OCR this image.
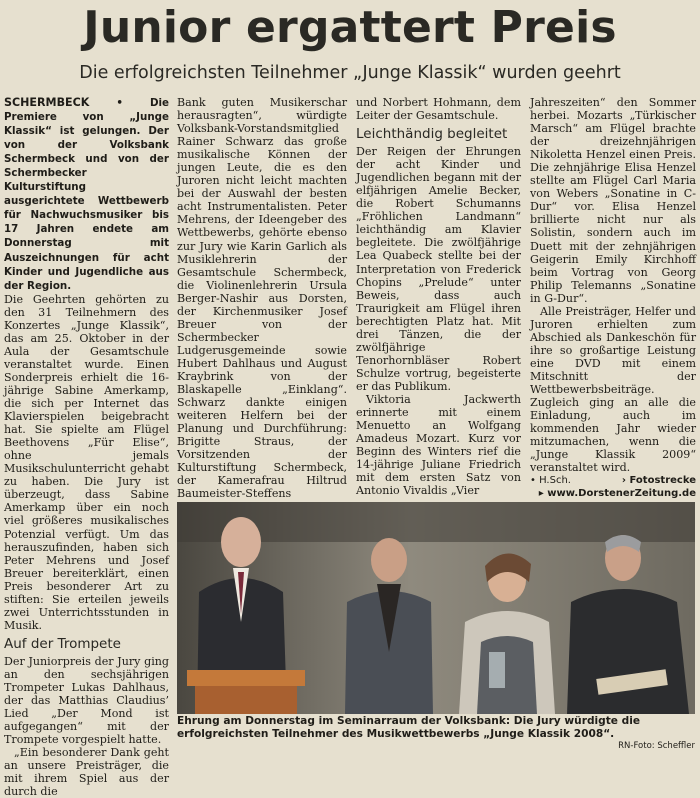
Junior ergattert Preis
Die erfolgreichsten Teilnehmer „Junge Klassik“ wurden geehrt

SCHERMBECK • Die Premiere von „Junge Klassik“ ist gelungen. Der von der Volksbank Schermbeck und von der Schermbecker Kulturstiftung ausgerichtete Wettbewerb für Nachwuchsmusiker bis 17 Jahren endete am Donnerstag mit Auszeichnungen für acht Kinder und Jugendliche aus der Region.

Die Geehrten gehörten zu den 31 Teilnehmern des Konzertes „Junge Klassik“, das am 25. Oktober in der Aula der Gesamtschule veranstaltet wurde. Einen Sonderpreis erhielt die 16-jährige Sabine Amerkamp, die sich per Internet das Klavierspielen beigebracht hat. Sie spielte am Flügel Beethovens „Für Elise“, ohne jemals Musikschulunterricht gehabt zu haben. Die Jury ist überzeugt, dass Sabine Amerkamp über ein noch viel größeres musikalisches Potenzial verfügt. Um das herauszufinden, haben sich Peter Mehrens und Josef Breuer bereiterklärt, einen Preis besonderer Art zu stiften: Sie erteilen jeweils zwei Unterrichtsstunden in Musik.

Auf der Trompete

Der Juniorpreis der Jury ging an den sechsjährigen Trompeter Lukas Dahlhaus, der das Matthias Claudius’ Lied „Der Mond ist aufgegangen“ mit der Trompete vorgespielt hatte.

„Ein besonderer Dank geht an unsere Preisträger, die mit ihrem Spiel aus der durch die

Bank guten Musikerschar herausragten“, würdigte Volksbank-Vorstandsmitglied Rainer Schwarz das große musikalische Können der jungen Leute, die es den Juroren nicht leicht machten bei der Auswahl der besten acht Instrumentalisten. Peter Mehrens, der Ideengeber des Wettbewerbs, gehörte ebenso zur Jury wie Karin Garlich als Musiklehrerin der Gesamtschule Schermbeck, die Violinenlehrerin Ursula Berger-Nashir aus Dorsten, der Kirchenmusiker Josef Breuer von der Schermbecker Ludgerusgemeinde sowie Hubert Dahlhaus und August Kraybrink von der Blaskapelle „Einklang“. Schwarz dankte einigen weiteren Helfern bei der Planung und Durchführung: Brigitte Straus, der Vorsitzenden der Kulturstiftung Schermbeck, der Kamerafrau Hiltrud Baumeister-Steffens

und Norbert Hohmann, dem Leiter der Gesamtschule.

Leichthändig begleitet

Der Reigen der Ehrungen der acht Kinder und Jugendlichen begann mit der elfjährigen Amelie Becker, die Robert Schumanns „Fröhlichen Landmann“ leichthändig am Klavier begleitete. Die zwölfjährige Lea Quabeck stellte bei der Interpretation von Frederick Chopins „Prelude“ unter Beweis, dass auch Traurigkeit am Flügel ihren berechtigten Platz hat. Mit drei Tänzen, die der zwölfjährige Tenorhornbläser Robert Schulze vortrug, begeisterte er das Publikum.

Viktoria Jackwerth erinnerte mit einem Menuetto an Wolfgang Amadeus Mozart. Kurz vor Beginn des Winters rief die 14-jährige Juliane Friedrich mit dem ersten Satz von Antonio Vivaldis „Vier

Jahreszeiten“ den Sommer herbei. Mozarts „Türkischer Marsch“ am Flügel brachte der dreizehnjährigen Nikoletta Henzel einen Preis. Die zehnjährige Elisa Henzel stellte am Flügel Carl Maria von Webers „Sonatine in C-Dur“ vor. Elisa Henzel brillierte nicht nur als Solistin, sondern auch im Duett mit der zehnjährigen Geigerin Emily Kirchhoff beim Vortrag von Georg Philip Telemanns „Sonatine in G-Dur“.

Alle Preisträger, Helfer und Juroren erhielten zum Abschied als Dankeschön für ihre so großartige Leistung eine DVD mit einem Mitschnitt der Wettbewerbsbeiträge. Zugleich ging an alle die Einladung, auch im kommenden Jahr wieder mitzumachen, wenn die „Junge Klassik 2009“ veranstaltet wird.

• H.Sch.	› Fotostrecke
▸ www.DorstenerZeitung.de
Ehrung am Donnerstag im Seminarraum der Volksbank: Die Jury würdigte die erfolgreichsten Teilnehmer des Musikwettbewerbs „Junge Klassik 2008“.
RN-Foto: Scheffler
